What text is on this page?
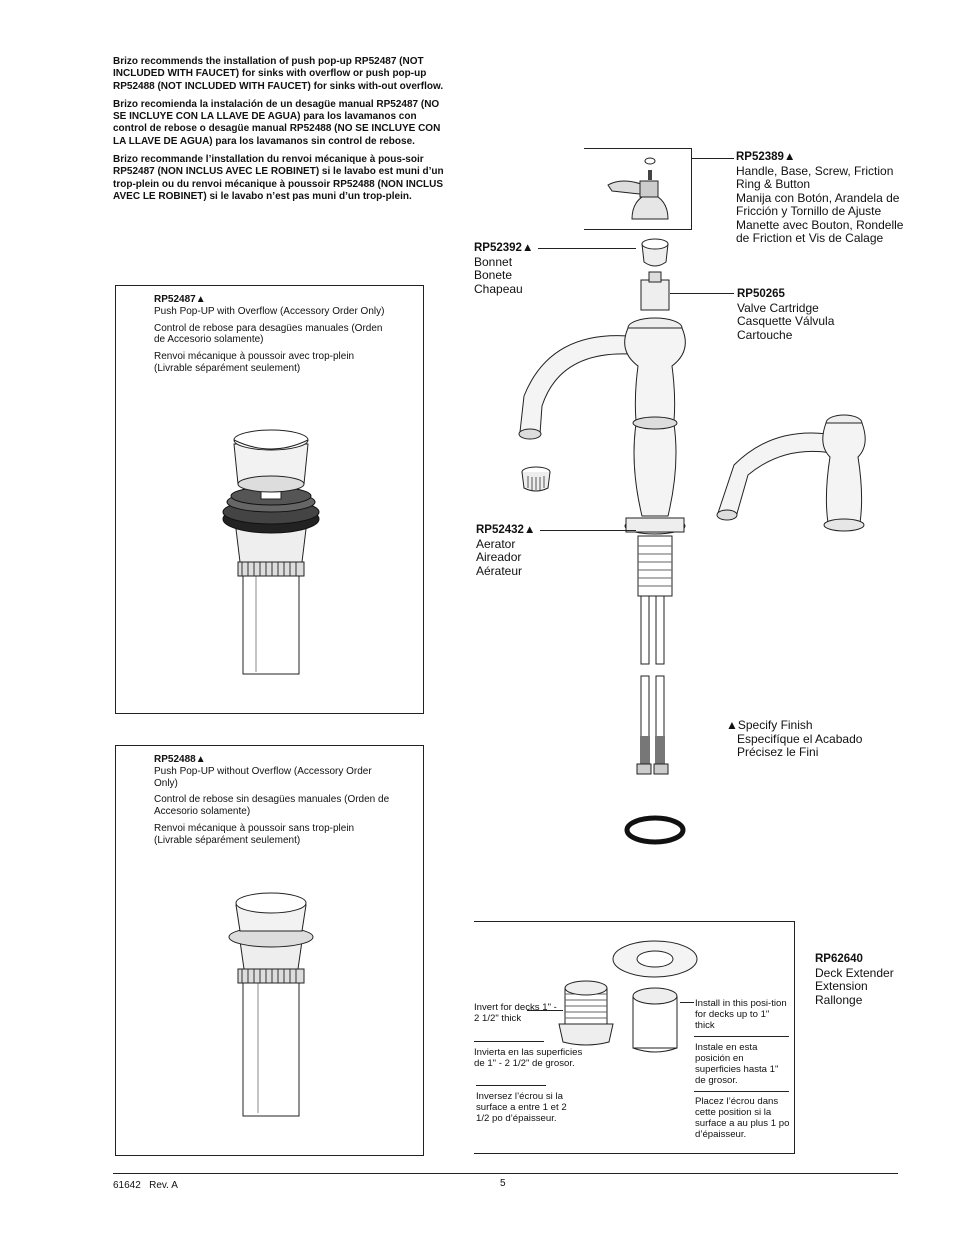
Brizo recommends the installation of push pop-up RP52487 (NOT INCLUDED WITH FAUCET) for sinks with overflow or push pop-up RP52488 (NOT INCLUDED WITH FAUCET) for sinks with-out overflow.

Brizo recomienda la instalación de un desagüe manual RP52487 (NO SE INCLUYE CON LA LLAVE DE AGUA) para los lavamanos con control de rebose o desagüe manual RP52488 (NO SE INCLUYE CON LA LLAVE DE AGUA) para los lavamanos sin control de rebose.

Brizo recommande l’installation du renvoi mécanique à pous-soir RP52487 (NON INCLUS AVEC LE ROBINET) si le lavabo est muni d’un trop-plein ou du renvoi mécanique à poussoir RP52488 (NON INCLUS AVEC LE ROBINET) si le lavabo n’est pas muni d’un trop-plein.

RP52487▲

Push Pop-UP with Overflow (Accessory Order Only)

Control de rebose para desagües manuales (Orden de Accesorio solamente)

Renvoi mécanique à poussoir avec trop-plein (Livrable séparément seulement)

RP52488▲

Push Pop-UP without Overflow (Accessory Order Only)

Control de rebose sin desagües manuales (Orden de Accesorio solamente)

Renvoi mécanique à poussoir sans trop-plein (Livrable séparément seulement)

RP52389▲
Handle, Base, Screw, Friction Ring & Button
Manija con Botón, Arandela de Fricción y Tornillo de Ajuste
Manette avec Bouton, Rondelle de Friction et Vis de Calage
RP52392▲
Bonnet
Bonete
Chapeau	RP50265
Valve Cartridge
Casquette Válvula
Cartouche
RP52432▲
Aerator
Aireador
Aérateur
▲Specify Finish
Especifíque el Acabado
Précisez le Fini
RP62640
Deck Extender
Extension
Rallonge
Invert for decks 1" - 2 1/2" thick
Invierta en las superficies de 1" - 2 1/2" de grosor.
Inversez l’écrou si la surface a entre 1 et 2 1/2 po d’épaisseur.
Install in this posi-tion for decks up to 1" thick
Instale en esta posición en superficies hasta 1" de grosor.
Placez l’écrou dans cette position si la surface a au plus 1 po d’épaisseur.
61642   Rev. A	5
